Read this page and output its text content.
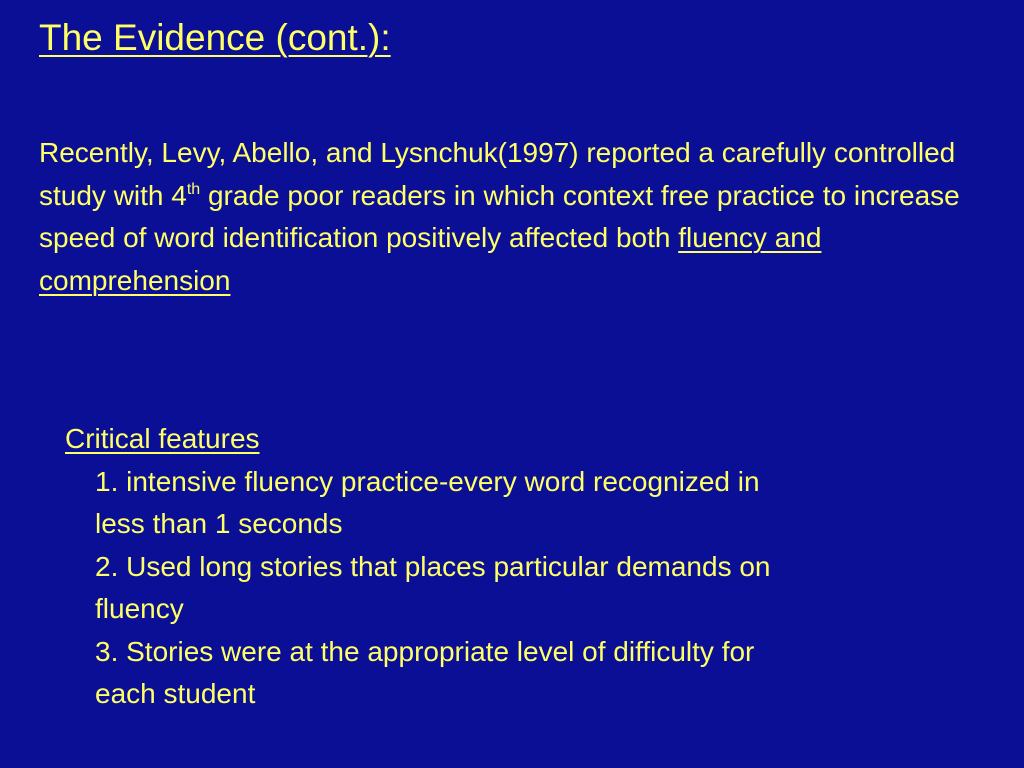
The Evidence (cont.):

Recently, Levy, Abello, and Lysnchuk(1997) reported a carefully controlled study with 4th grade poor readers in which context free practice to increase speed of word identification positively affected both fluency and comprehension

Critical features
1. intensive fluency practice-every word recognized in
less than 1 seconds
2. Used long stories that places particular demands on
fluency
3. Stories were at the appropriate level of difficulty for
each student
